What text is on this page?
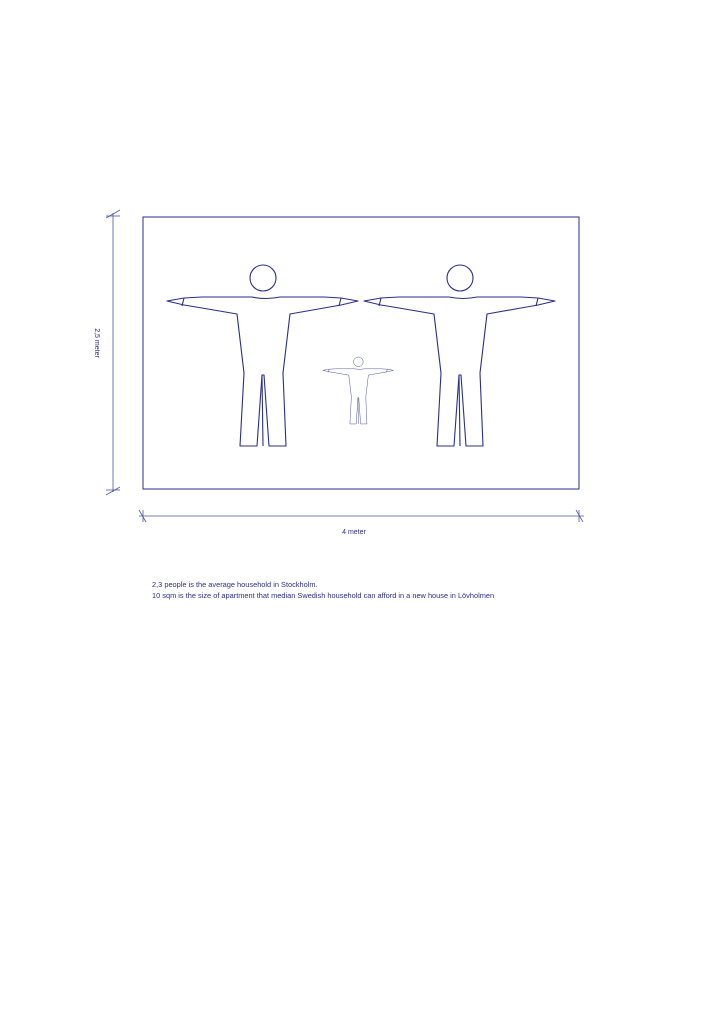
2,5 meter
4 meter
2,3 people is the average household in Stockholm.
10 sqm is the size of apartment that median Swedish household can afford in a new house in Lövholmen
